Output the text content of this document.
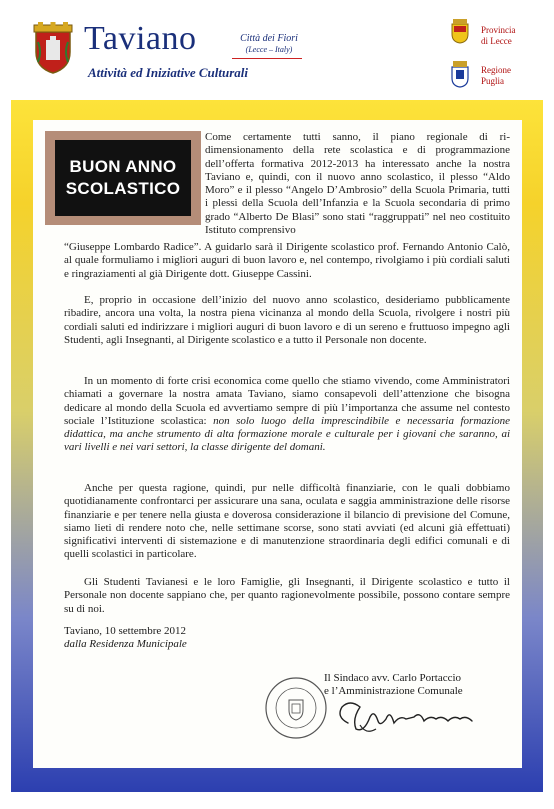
Taviano
Attività ed Iniziative Culturali
Città dei Fiori
(Lecce – Italy)
Provincia
di Lecce
Regione
Puglia
BUON ANNO
SCOLASTICO
Come certamente tutti sanno, il piano regionale di ri-dimensionamento della rete scolastica e di programmazione dell’offerta formativa 2012-2013 ha interessato anche la nostra Taviano e, quindi, con il nuovo anno scolastico, il plesso “Aldo Moro” e il plesso “Angelo D’Ambrosio” della Scuola Primaria, tutti i plessi della Scuola dell’Infanzia e la Scuola secondaria di primo grado “Alberto De Blasi” sono stati “raggruppati” nel neo costituito Istituto comprensivo
“Giuseppe Lombardo Radice”. A guidarlo sarà il Dirigente scolastico prof. Fernando Antonio Calò, al quale formuliamo i migliori auguri di buon lavoro e, nel contempo, rivolgiamo i più cordiali saluti e ringraziamenti al già Dirigente dott. Giuseppe Cassini.
E, proprio in occasione dell’inizio del nuovo anno scolastico, desideriamo pubblicamente ribadire, ancora una volta, la nostra piena vicinanza al mondo della Scuola, rivolgere i nostri più cordiali saluti ed indirizzare i migliori auguri di buon lavoro e di un sereno e fruttuoso impegno agli Studenti, agli Insegnanti, al Dirigente scolastico e a tutto il Personale non docente.
In un momento di forte crisi economica come quello che stiamo vivendo, come Amministratori chiamati a governare la nostra amata Taviano, siamo consapevoli dell’attenzione che bisogna dedicare al mondo della Scuola ed avvertiamo sempre di più l’importanza che assume nel contesto sociale l’Istituzione scolastica: non solo luogo della imprescindibile e necessaria formazione didattica, ma anche strumento di alta formazione morale e culturale per i giovani che saranno, ai vari livelli e nei vari settori, la classe dirigente del domani.
Anche per questa ragione, quindi, pur nelle difficoltà finanziarie, con le quali dobbiamo quotidianamente confrontarci per assicurare una sana, oculata e saggia amministrazione delle risorse finanziarie e per tenere nella giusta e doverosa considerazione il bilancio di previsione del Comune, siamo lieti di rendere noto che, nelle settimane scorse, sono stati avviati (ed alcuni già effettuati) significativi interventi di sistemazione e di manutenzione straordinaria degli edifici comunali e di quelli scolastici in particolare.
Gli Studenti Tavianesi e le loro Famiglie, gli Insegnanti, il Dirigente scolastico e tutto il Personale non docente sappiano che, per quanto ragionevolmente possibile, possono contare sempre su di noi.
Taviano, 10 settembre 2012
dalla Residenza Municipale
Il Sindaco avv. Carlo Portaccio
e l’Amministrazione Comunale
